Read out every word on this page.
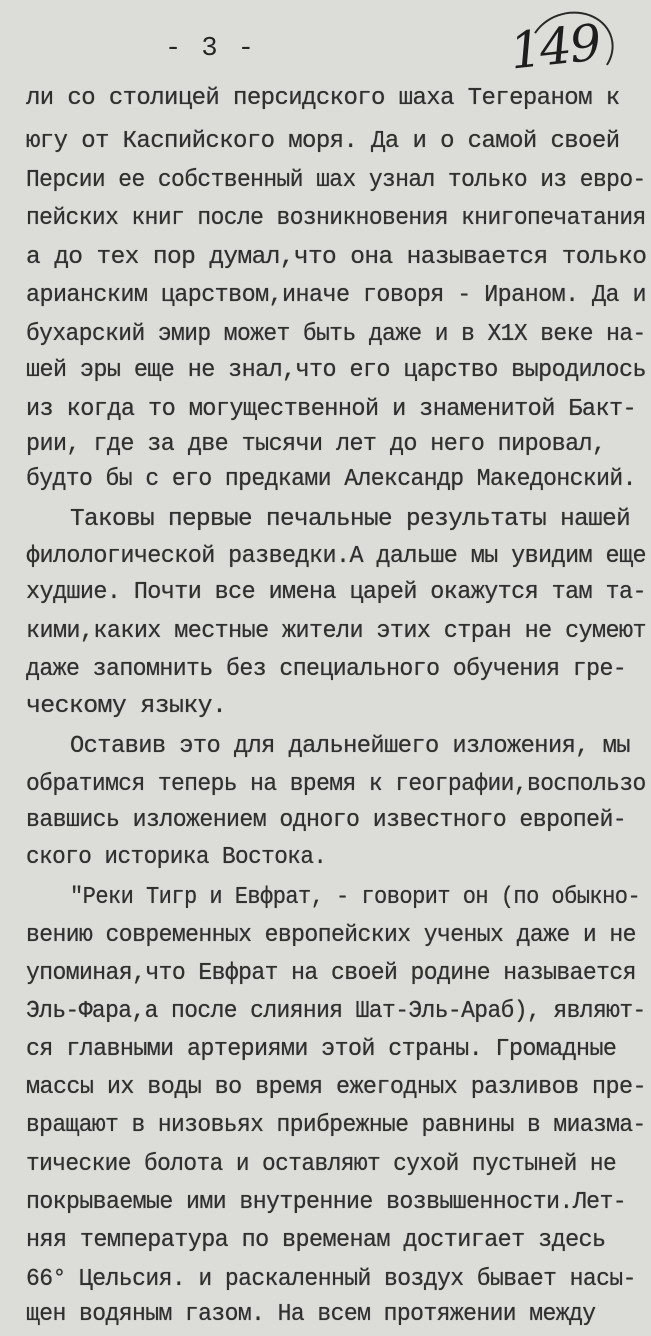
- 3 -	149
ли со столицей персидского шаха Тегераном к
югу от Каспийского моря. Да и о самой своей
Персии ее собственный шах узнал только из евро-
пейских книг после возникновения книгопечатания
а до тех пор думал,что она называется только
арианским царством,иначе говоря - Ираном. Да и
бухарский эмир может быть даже и в Х1Х веке на-
шей эры еще не знал,что его царство выродилось
из когда то могущественной и знаменитой Бакт-
рии, где за две тысячи лет до него пировал,
будто бы с его предками Александр Македонский.
Таковы первые печальные результаты нашей
филологической разведки.А дальше мы увидим еще
худшие. Почти все имена царей окажутся там та-
кими,каких местные жители этих стран не сумеют
даже запомнить без специального обучения гре-
ческому языку.
Оставив это для дальнейшего изложения, мы
обратимся теперь на время к географии,воспользо
вавшись изложением одного известного европей-
ского историка Востока.
"Реки Тигр и Евфрат, - говорит он (по обыкно-
вению современных европейских ученых даже и не
упоминая,что Евфрат на своей родине называется
Эль-Фара,а после слияния Шат-Эль-Араб), являют-
ся главными артериями этой страны. Громадные
массы их воды во время ежегодных разливов пре-
вращают в низовьях прибрежные равнины в миазма-
тические болота и оставляют сухой пустыней не
покрываемые ими внутренние возвышенности.Лет-
няя температура по временам достигает здесь
66° Цельсия. и раскаленный воздух бывает насы-
щен водяным газом. На всем протяжении между
